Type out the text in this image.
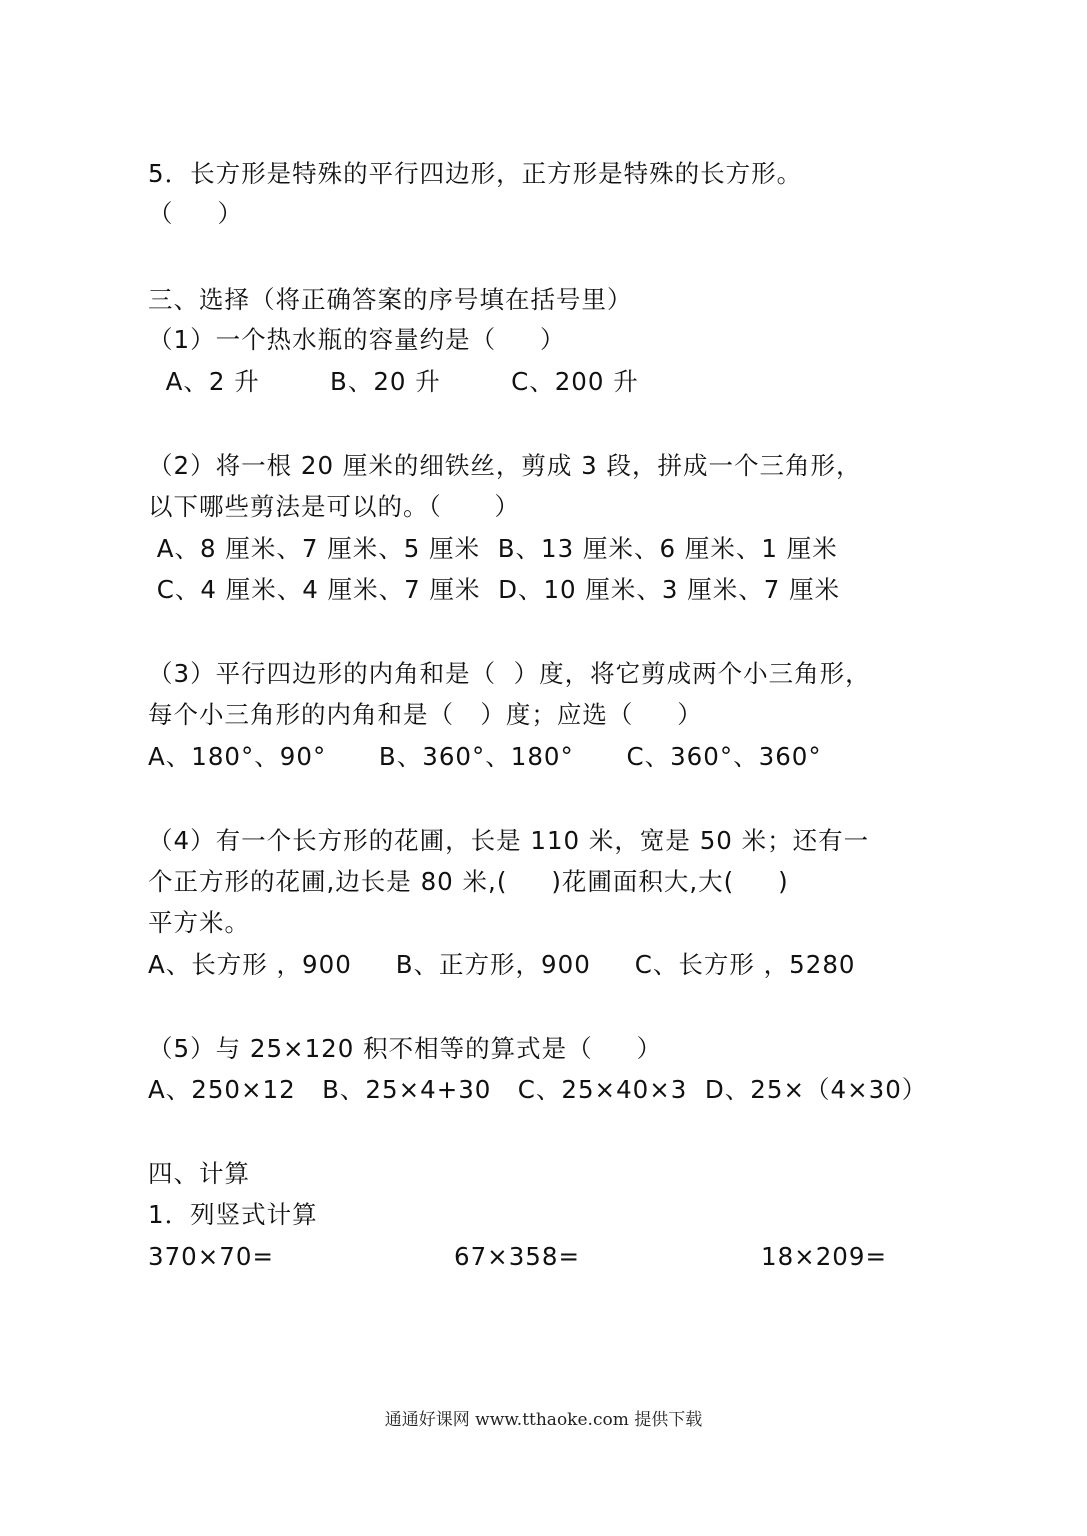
5．长方形是特殊的平行四边形，正方形是特殊的长方形。
（     ）
三、选择（将正确答案的序号填在括号里）
（1）一个热水瓶的容量约是（     ）
A、2 升        B、20 升        C、200 升
（2）将一根 20 厘米的细铁丝，剪成 3 段，拼成一个三角形，
以下哪些剪法是可以的。（      ）
A、8 厘米、7 厘米、5 厘米  B、13 厘米、6 厘米、1 厘米
C、4 厘米、4 厘米、7 厘米  D、10 厘米、3 厘米、7 厘米
（3）平行四边形的内角和是（  ）度，将它剪成两个小三角形，
每个小三角形的内角和是（   ）度；应选（     ）
A、180°、90°      B、360°、180°      C、360°、360°
（4）有一个长方形的花圃，长是 110 米，宽是 50 米；还有一
个正方形的花圃,边长是 80 米,(     )花圃面积大,大(     )
平方米。
A、长方形 ，900     B、正方形，900     C、长方形 ，5280
（5）与 25×120 积不相等的算式是（     ）
A、250×12   B、25×4+30   C、25×40×3  D、25×（4×30）
四、计算
1．列竖式计算
370×70=	67×358=	18×209=
通通好课网 www.tthaoke.com 提供下载
